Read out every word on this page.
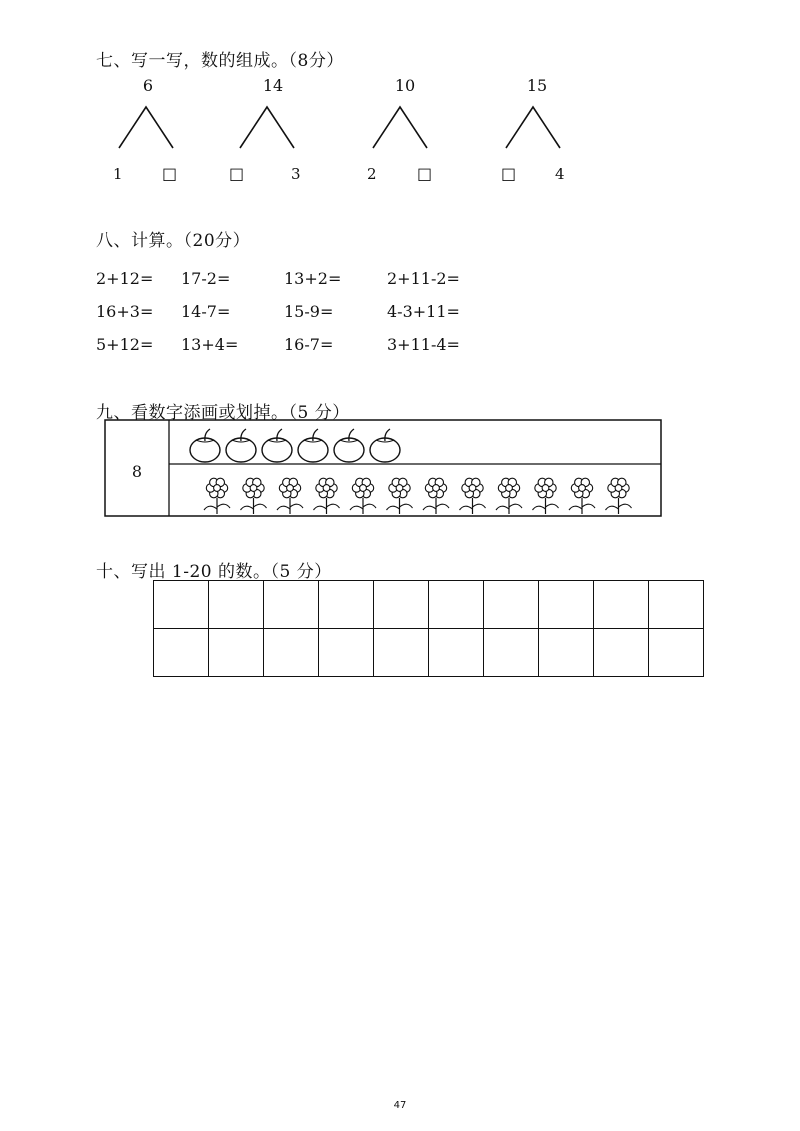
七、写一写，数的组成。（8分）
6
1 □
14
□	3
10
2	□
15
□	4
八、计算。（20分）
2+12= 17-2=	13+2=	2+11-2=
16+3= 14-7=	15-9=	4-3+11=
5+12= 13+4=	16-7=	3+11-4=
九、看数字添画或划掉。（5 分）
8
十、写出 1-20 的数。（5 分）

47
